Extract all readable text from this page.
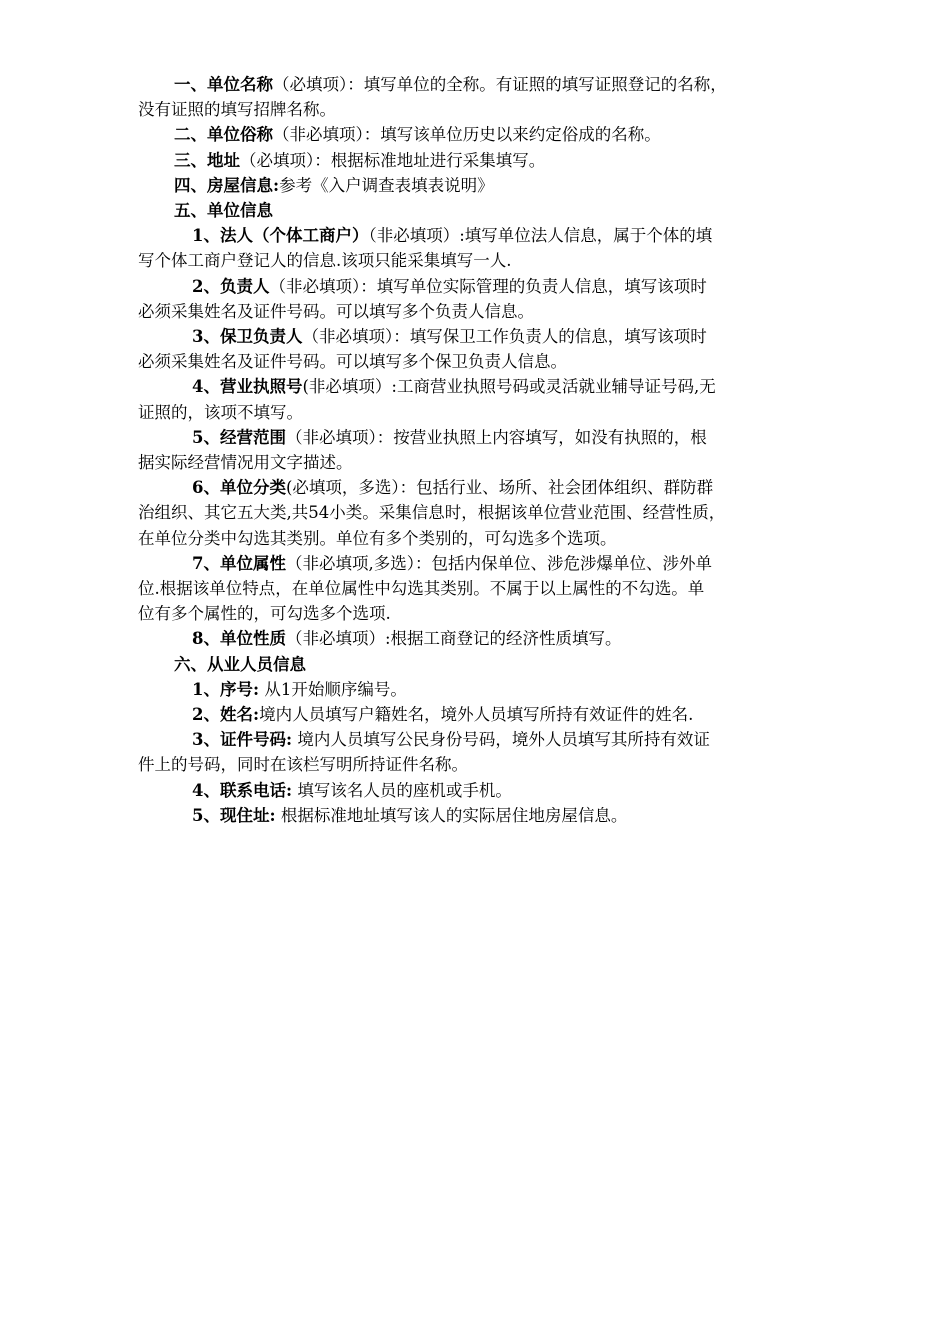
一、单位名称（必填项）：填写单位的全称。有证照的填写证照登记的名称，
没有证照的填写招牌名称。
二、单位俗称（非必填项）：填写该单位历史以来约定俗成的名称。
三、地址（必填项）：根据标准地址进行采集填写。
四、房屋信息:参考《入户调查表填表说明》
五、单位信息
1、法人（个体工商户）（非必填项）:填写单位法人信息，属于个体的填
写个体工商户登记人的信息.该项只能采集填写一人.
2、负责人（非必填项）：填写单位实际管理的负责人信息，填写该项时
必须采集姓名及证件号码。可以填写多个负责人信息。
3、保卫负责人（非必填项）：填写保卫工作负责人的信息，填写该项时
必须采集姓名及证件号码。可以填写多个保卫负责人信息。
4、营业执照号(非必填项）:工商营业执照号码或灵活就业辅导证号码,无
证照的，该项不填写。
5、经营范围（非必填项）：按营业执照上内容填写，如没有执照的，根
据实际经营情况用文字描述。
6、单位分类(必填项，多选）：包括行业、场所、社会团体组织、群防群
治组织、其它五大类,共54小类。采集信息时，根据该单位营业范围、经营性质，
在单位分类中勾选其类别。单位有多个类别的，可勾选多个选项。
7、单位属性（非必填项,多选）：包括内保单位、涉危涉爆单位、涉外单
位.根据该单位特点，在单位属性中勾选其类别。不属于以上属性的不勾选。单
位有多个属性的，可勾选多个选项.
8、单位性质（非必填项）:根据工商登记的经济性质填写。
六、从业人员信息
1、序号: 从1开始顺序编号。
2、姓名:境内人员填写户籍姓名，境外人员填写所持有效证件的姓名.
3、证件号码: 境内人员填写公民身份号码，境外人员填写其所持有效证
件上的号码，同时在该栏写明所持证件名称。
4、联系电话: 填写该名人员的座机或手机。
5、现住址: 根据标准地址填写该人的实际居住地房屋信息。
